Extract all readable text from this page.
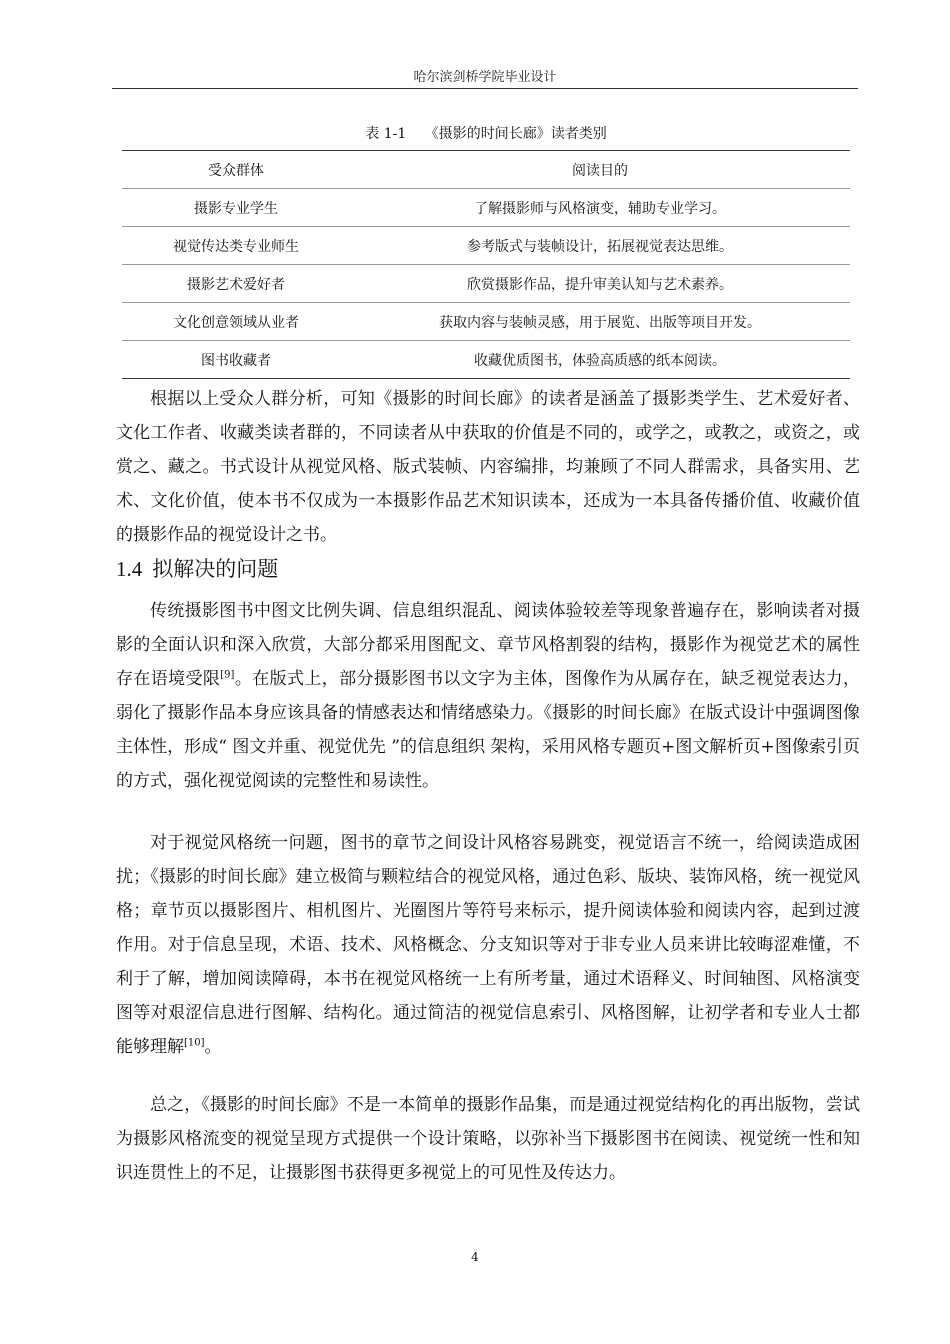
哈尔滨剑桥学院毕业设计
表 1-1 《摄影的时间长廊》读者类别
受众群体	阅读目的
摄影专业学生	了解摄影师与风格演变，辅助专业学习。
视觉传达类专业师生	参考版式与装帧设计，拓展视觉表达思维。
摄影艺术爱好者	欣赏摄影作品，提升审美认知与艺术素养。
文化创意领域从业者	获取内容与装帧灵感，用于展览、出版等项目开发。
图书收藏者	收藏优质图书，体验高质感的纸本阅读。

根据以上受众人群分析，可知《摄影的时间长廊》的读者是涵盖了摄影类学生、艺术爱好者、文化工作者、收藏类读者群的，不同读者从中获取的价值是不同的，或学之，或教之，或资之，或赏之、藏之。书式设计从视觉风格、版式装帧、内容编排，均兼顾了不同人群需求，具备实用、艺术、文化价值，使本书不仅成为一本摄影作品艺术知识读本，还成为一本具备传播价值、收藏价值的摄影作品的视觉设计之书。

1.4 拟解决的问题

传统摄影图书中图文比例失调、信息组织混乱、阅读体验较差等现象普遍存在，影响读者对摄影的全面认识和深入欣赏，大部分都采用图配文、章节风格割裂的结构，摄影作为视觉艺术的属性存在语境受限[9]。在版式上，部分摄影图书以文字为主体，图像作为从属存在，缺乏视觉表达力，弱化了摄影作品本身应该具备的情感表达和情绪感染力。《摄影的时间长廊》在版式设计中强调图像主体性，形成“ 图文并重、视觉优先 ”的信息组织 架构，采用风格专题页+图文解析页+图像索引页的方式，强化视觉阅读的完整性和易读性。

对于视觉风格统一问题，图书的章节之间设计风格容易跳变，视觉语言不统一，给阅读造成困扰；《摄影的时间长廊》建立极简与颗粒结合的视觉风格，通过色彩、版块、装饰风格，统一视觉风格；章节页以摄影图片、相机图片、光圈图片等符号来标示，提升阅读体验和阅读内容，起到过渡作用。对于信息呈现，术语、技术、风格概念、分支知识等对于非专业人员来讲比较晦涩难懂，不利于了解，增加阅读障碍，本书在视觉风格统一上有所考量，通过术语释义、时间轴图、风格演变图等对艰涩信息进行图解、结构化。通过简洁的视觉信息索引、风格图解，让初学者和专业人士都能够理解[10]。

总之，《摄影的时间长廊》不是一本简单的摄影作品集，而是通过视觉结构化的再出版物，尝试为摄影风格流变的视觉呈现方式提供一个设计策略，以弥补当下摄影图书在阅读、视觉统一性和知识连贯性上的不足，让摄影图书获得更多视觉上的可见性及传达力。

4
